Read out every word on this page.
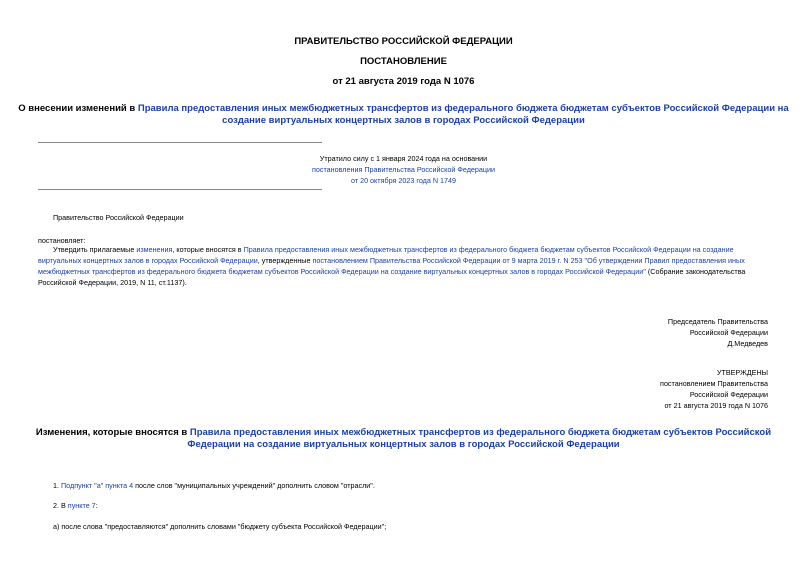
ПРАВИТЕЛЬСТВО РОССИЙСКОЙ ФЕДЕРАЦИИ
ПОСТАНОВЛЕНИЕ
от 21 августа 2019 года N 1076
О внесении изменений в Правила предоставления иных межбюджетных трансфертов из федерального бюджета бюджетам субъектов Российской Федерации на
создание виртуальных концертных залов в городах Российской Федерации
Утратило силу с 1 января 2024 года на основании
постановления Правительства Российской Федерации
от 20 октября 2023 года N 1749
Правительство Российской Федерации
постановляет:
Утвердить прилагаемые изменения, которые вносятся в Правила предоставления иных межбюджетных трансфертов из федерального бюджета бюджетам субъектов Российской Федерации на создание
виртуальных концертных залов в городах Российской Федерации, утвержденные постановлением Правительства Российской Федерации от 9 марта 2019 г. N 253 "Об утверждении Правил предоставления иных
межбюджетных трансфертов из федерального бюджета бюджетам субъектов Российской Федерации на создание виртуальных концертных залов в городах Российской Федерации" (Собрание законодательства
Российской Федерации, 2019, N 11, ст.1137).
Председатель Правительства
Российской Федерации
Д.Медведев
УТВЕРЖДЕНЫ
постановлением Правительства
Российской Федерации
от 21 августа 2019 года N 1076
Изменения, которые вносятся в Правила предоставления иных межбюджетных трансфертов из федерального бюджета бюджетам субъектов Российской
Федерации на создание виртуальных концертных залов в городах Российской Федерации
1. Подпункт "а" пункта 4 после слов "муниципальных учреждений" дополнить словом "отрасли".
2. В пункте 7:
а) после слова "предоставляются" дополнить словами "бюджету субъекта Российской Федерации";
